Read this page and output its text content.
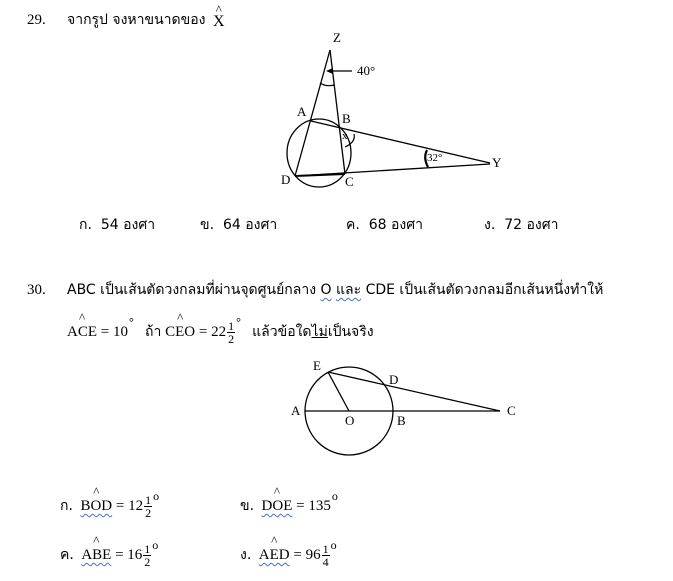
29. จากรูป จงหาขนาดของ
^
X
Z
40°
A	B
x
D	C
32°	Y
ก. 54 องศา	ข. 64 องศา	ค. 68 องศา	ง. 72 องศา
30. ABC เป็นเส้นตัดวงกลมที่ผ่านจุดศูนย์กลาง O และ CDE เป็นเส้นตัดวงกลมอีกเส้นหนึ่งทำให้
^
ACE = 10°   ถ้า
^
CEO = $22 \frac{1}{2} ^\circ$   แล้วข้อใดไม่เป็นจริง
E
D
A
O	B
C
ก.
^
BOD = $12 \frac{1}{2} ^o$
ข.
^
DOE = $135^o$
ค.
^
ABE = $16 \frac{1}{2} ^o$
ง.
^
AED = $96 \frac{1}{4} ^o$
